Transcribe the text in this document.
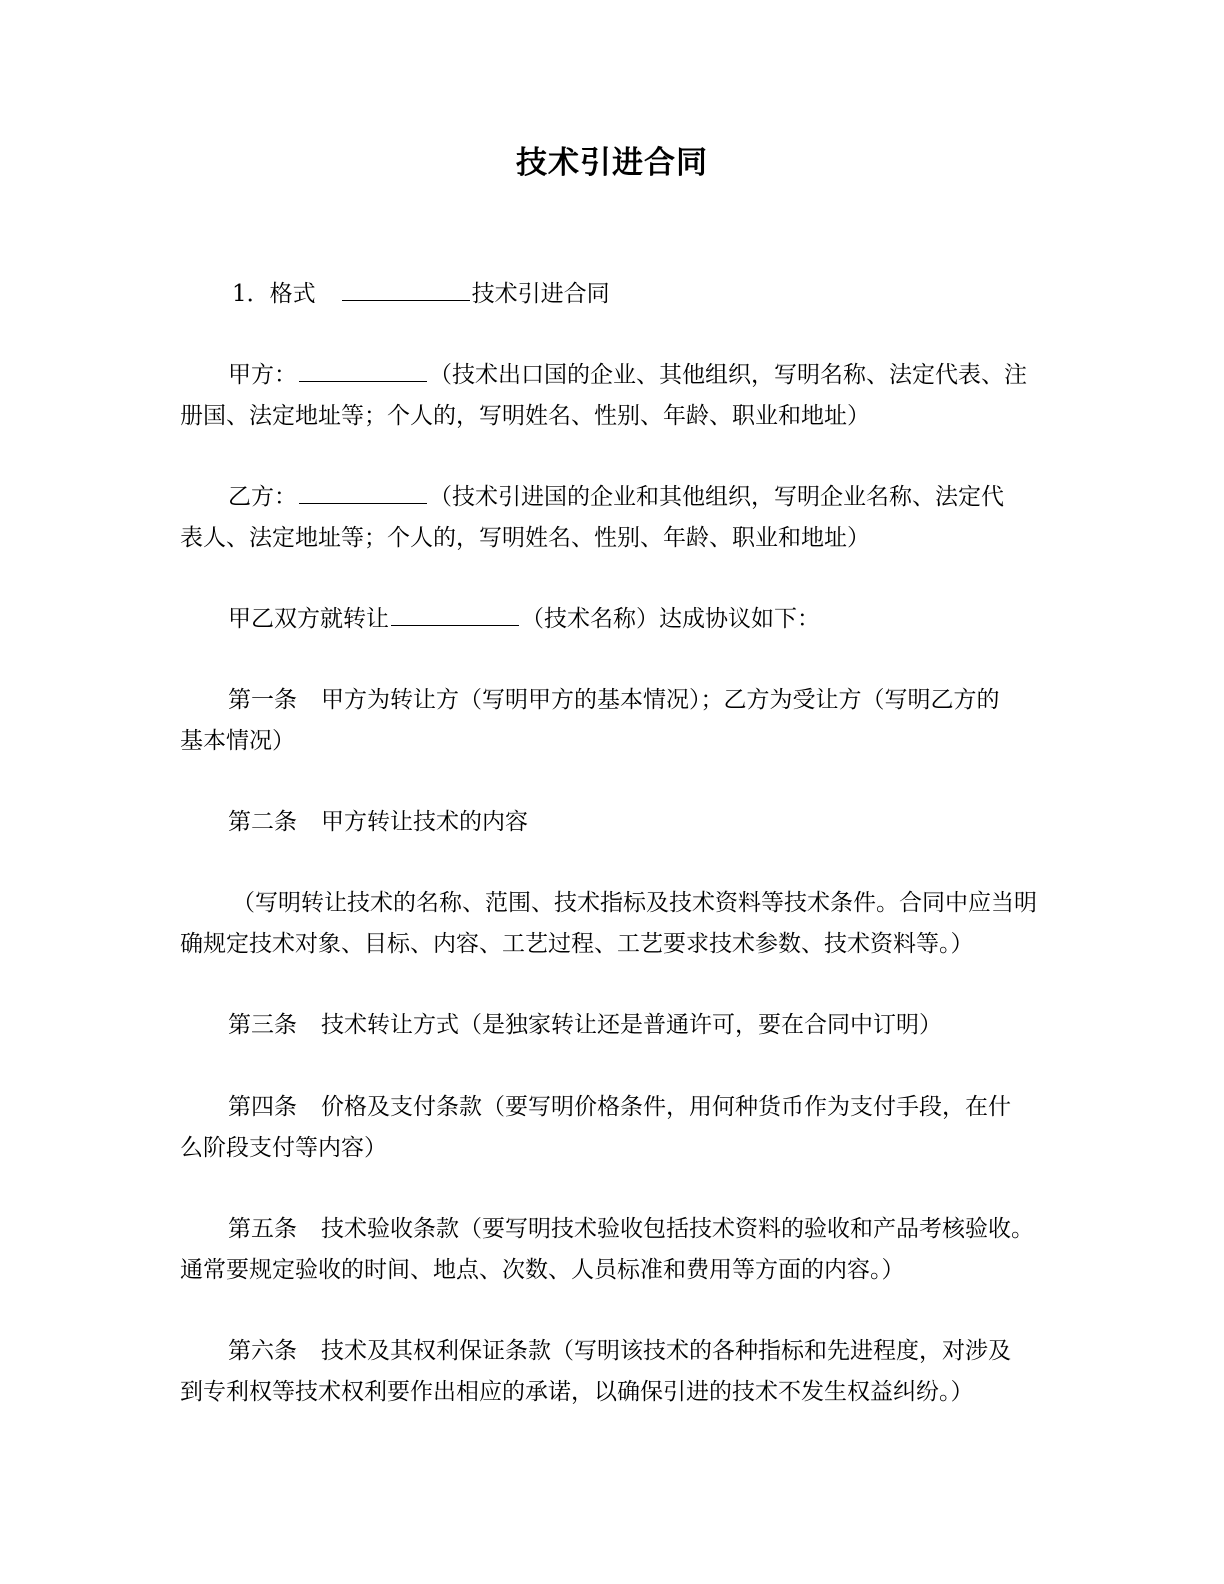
技术引进合同
1．格式	技术引进合同
甲方：	（技术出口国的企业、其他组织，写明名称、法定代表、注
册国、法定地址等；个人的，写明姓名、性别、年龄、职业和地址）
乙方：	（技术引进国的企业和其他组织，写明企业名称、法定代
表人、法定地址等；个人的，写明姓名、性别、年龄、职业和地址）
甲乙双方就转让	（技术名称）达成协议如下：
第一条 甲方为转让方（写明甲方的基本情况）；乙方为受让方（写明乙方的
基本情况）
第二条 甲方转让技术的内容
（写明转让技术的名称、范围、技术指标及技术资料等技术条件。合同中应当明
确规定技术对象、目标、内容、工艺过程、工艺要求技术参数、技术资料等。）
第三条 技术转让方式（是独家转让还是普通许可，要在合同中订明）
第四条 价格及支付条款（要写明价格条件，用何种货币作为支付手段，在什
么阶段支付等内容）
第五条 技术验收条款（要写明技术验收包括技术资料的验收和产品考核验收。
通常要规定验收的时间、地点、次数、人员标准和费用等方面的内容。）
第六条 技术及其权利保证条款（写明该技术的各种指标和先进程度，对涉及
到专利权等技术权利要作出相应的承诺，以确保引进的技术不发生权益纠纷。）
